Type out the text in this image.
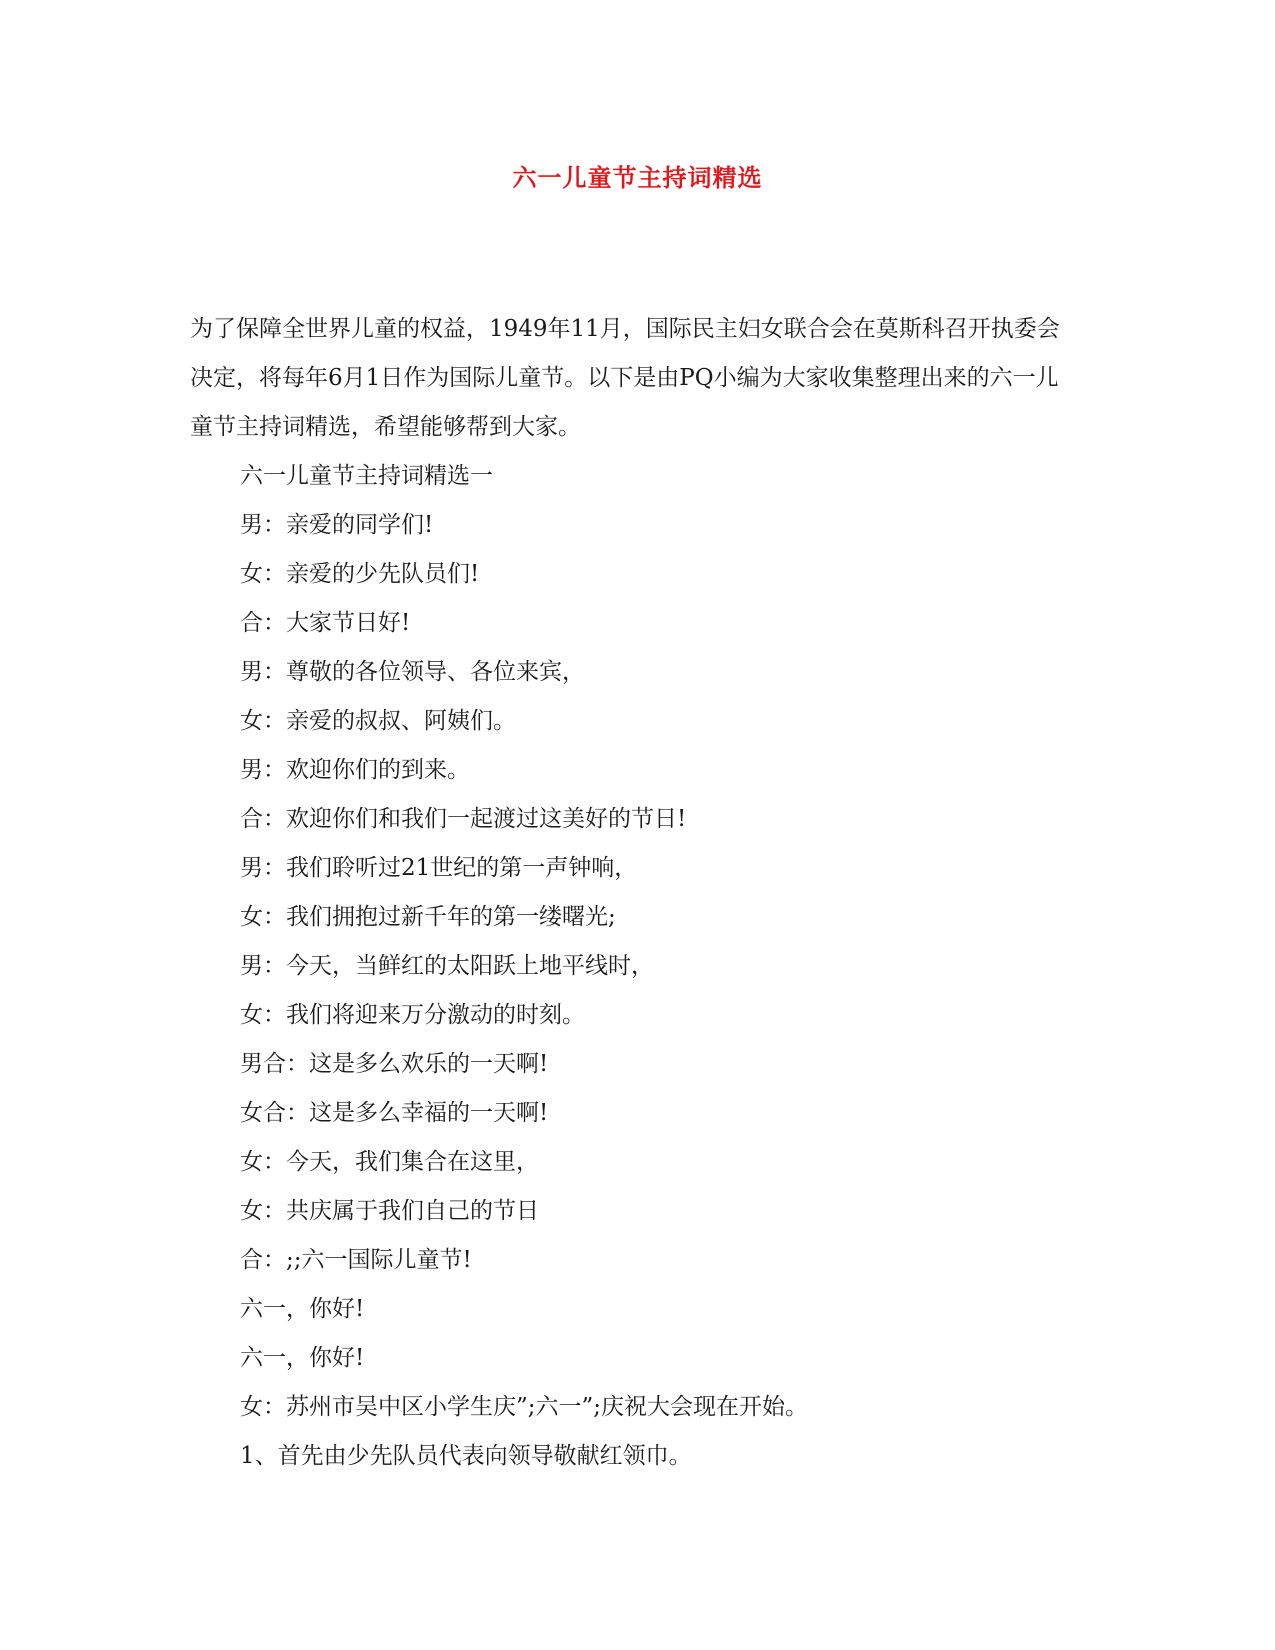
六一儿童节主持词精选
为了保障全世界儿童的权益，1949年11月，国际民主妇女联合会在莫斯科召开执委会决定，将每年6月1日作为国际儿童节。以下是由PQ小编为大家收集整理出来的六一儿童节主持词精选，希望能够帮到大家。
六一儿童节主持词精选一
男：亲爱的同学们!
女：亲爱的少先队员们!
合：大家节日好!
男：尊敬的各位领导、各位来宾，
女：亲爱的叔叔、阿姨们。
男：欢迎你们的到来。
合：欢迎你们和我们一起渡过这美好的节日!
男：我们聆听过21世纪的第一声钟响，
女：我们拥抱过新千年的第一缕曙光;
男：今天，当鲜红的太阳跃上地平线时，
女：我们将迎来万分激动的时刻。
男合：这是多么欢乐的一天啊!
女合：这是多么幸福的一天啊!
女：今天，我们集合在这里，
女：共庆属于我们自己的节日
合：;;六一国际儿童节!
六一，你好!
六一，你好!
女：苏州市吴中区小学生庆”;六一”;庆祝大会现在开始。
1、首先由少先队员代表向领导敬献红领巾。
